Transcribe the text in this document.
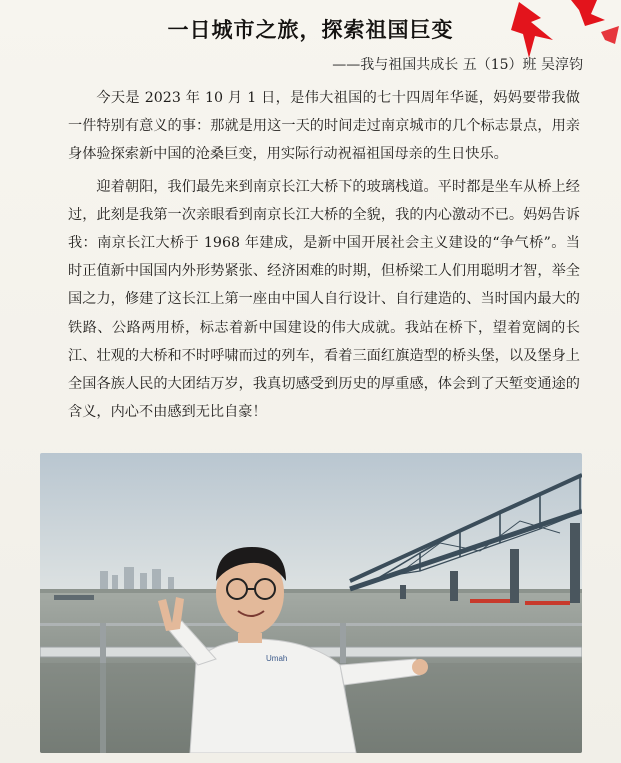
一日城市之旅，探索祖国巨变
——我与祖国共成长 五（15）班 吴淳钧

今天是 2023 年 10 月 1 日，是伟大祖国的七十四周年华诞，妈妈要带我做一件特别有意义的事：那就是用这一天的时间走过南京城市的几个标志景点，用亲身体验探索新中国的沧桑巨变，用实际行动祝福祖国母亲的生日快乐。

迎着朝阳，我们最先来到南京长江大桥下的玻璃栈道。平时都是坐车从桥上经过，此刻是我第一次亲眼看到南京长江大桥的全貌，我的内心激动不已。妈妈告诉我：南京长江大桥于 1968 年建成，是新中国开展社会主义建设的“争气桥”。当时正值新中国国内外形势紧张、经济困难的时期，但桥梁工人们用聪明才智，举全国之力，修建了这长江上第一座由中国人自行设计、自行建造的、当时国内最大的铁路、公路两用桥，标志着新中国建设的伟大成就。我站在桥下，望着宽阔的长江、壮观的大桥和不时呼啸而过的列车，看着三面红旗造型的桥头堡，以及堡身上全国各族人民的大团结万岁，我真切感受到历史的厚重感，体会到了天堑变通途的含义，内心不由感到无比自豪！

Umah
